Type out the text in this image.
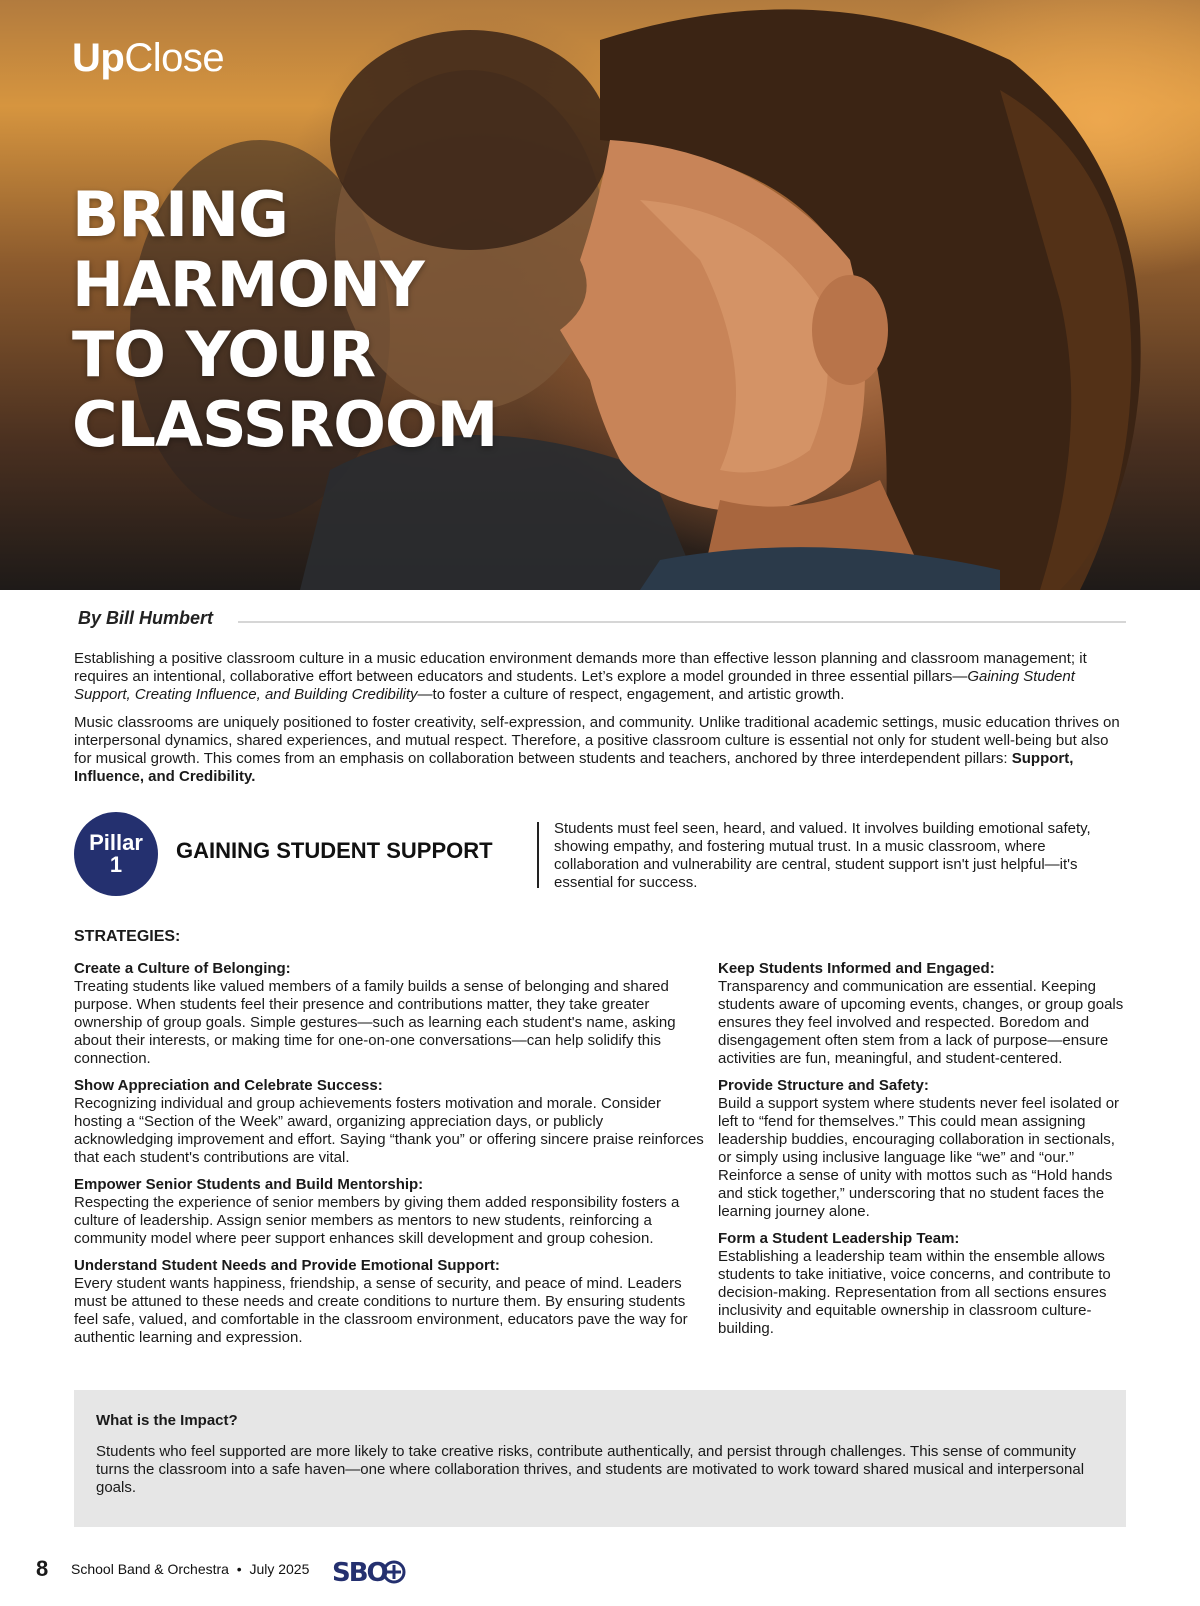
UpClose

BRING
HARMONY
TO YOUR
CLASSROOM
By Bill Humbert

Establishing a positive classroom culture in a music education environment demands more than effective lesson planning and classroom management; it requires an intentional, collaborative effort between educators and students. Let’s explore a model grounded in three essential pillars—Gaining Student Support, Creating Influence, and Building Credibility—to foster a culture of respect, engagement, and artistic growth.

Music classrooms are uniquely positioned to foster creativity, self-expression, and community. Unlike traditional academic settings, music education thrives on interpersonal dynamics, shared experiences, and mutual respect. Therefore, a positive classroom culture is essential not only for student well-being but also for musical growth. This comes from an emphasis on collaboration between students and teachers, anchored by three interdependent pillars: Support, Influence, and Credibility.

Pillar
1
GAINING STUDENT SUPPORT

Students must feel seen, heard, and valued. It involves building emotional safety, showing empathy, and fostering mutual trust. In a music classroom, where collaboration and vulnerability are central, student support isn't just helpful—it's essential for success.

STRATEGIES:
Create a Culture of Belonging:

Treating students like valued members of a family builds a sense of belonging and shared purpose. When students feel their presence and contributions matter, they take greater ownership of group goals. Simple gestures—such as learning each student's name, asking about their interests, or making time for one-on-one conversations—can help solidify this connection.

Show Appreciation and Celebrate Success:

Recognizing individual and group achievements fosters motivation and morale. Consider hosting a “Section of the Week” award, organizing appreciation days, or publicly acknowledging improvement and effort. Saying “thank you” or offering sincere praise reinforces that each student's contributions are vital.

Empower Senior Students and Build Mentorship:

Respecting the experience of senior members by giving them added responsibility fosters a culture of leadership. Assign senior members as mentors to new students, reinforcing a community model where peer support enhances skill development and group cohesion.

Understand Student Needs and Provide Emotional Support:

Every student wants happiness, friendship, a sense of security, and peace of mind. Leaders must be attuned to these needs and create conditions to nurture them. By ensuring students feel safe, valued, and comfortable in the classroom environment, educators pave the way for authentic learning and expression.

Keep Students Informed and Engaged:

Transparency and communication are essential. Keeping students aware of upcoming events, changes, or group goals ensures they feel involved and respected. Boredom and disengagement often stem from a lack of purpose—ensure activities are fun, meaningful, and student-centered.

Provide Structure and Safety:

Build a support system where students never feel isolated or left to “fend for themselves.” This could mean assigning leadership buddies, encouraging collaboration in sectionals, or simply using inclusive language like “we” and “our.” Reinforce a sense of unity with mottos such as “Hold hands and stick together,” underscoring that no student faces the learning journey alone.

Form a Student Leadership Team:

Establishing a leadership team within the ensemble allows students to take initiative, voice concerns, and contribute to decision-making. Representation from all sections ensures inclusivity and equitable ownership in classroom culture-building.

What is the Impact?

Students who feel supported are more likely to take creative risks, contribute authentically, and persist through challenges. This sense of community turns the classroom into a safe haven—one where collaboration thrives, and students are motivated to work toward shared musical and interpersonal goals.

8 School Band & Orchestra • July 2025 SBO
